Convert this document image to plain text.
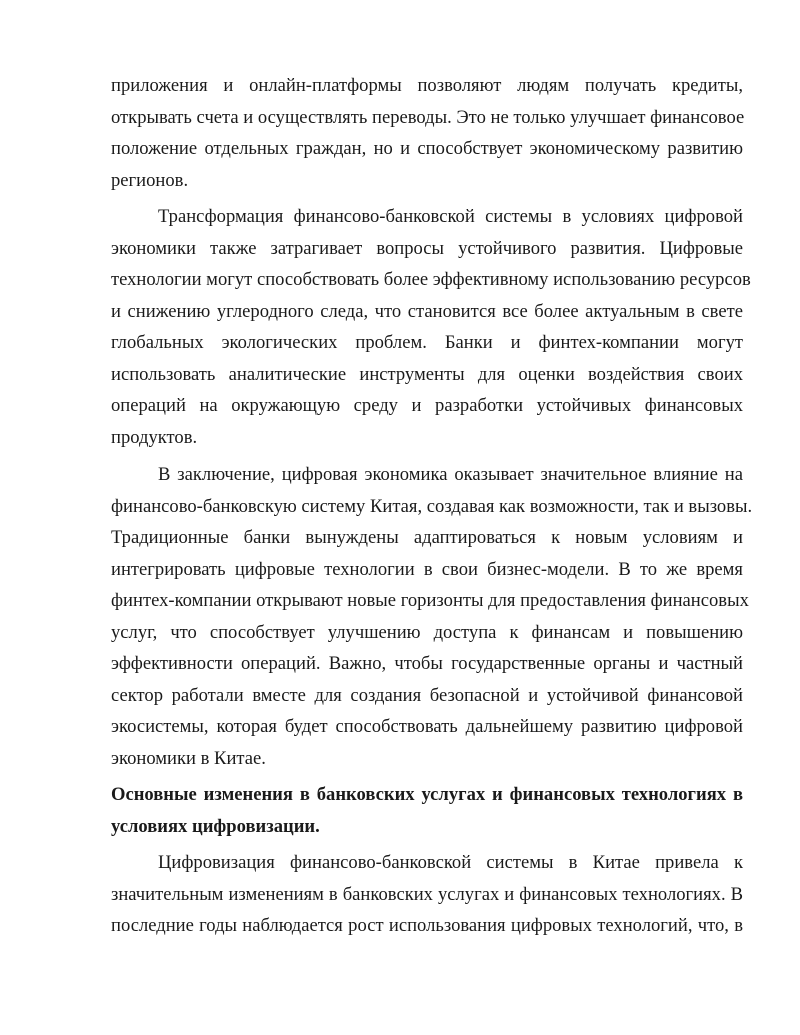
приложения и онлайн-платформы позволяют людям получать кредиты,
открывать счета и осуществлять переводы. Это не только улучшает финансовое
положение отдельных граждан, но и способствует экономическому развитию
регионов.
Трансформация финансово-банковской системы в условиях цифровой
экономики также затрагивает вопросы устойчивого развития. Цифровые
технологии могут способствовать более эффективному использованию ресурсов
и снижению углеродного следа, что становится все более актуальным в свете
глобальных экологических проблем. Банки и финтех-компании могут
использовать аналитические инструменты для оценки воздействия своих
операций на окружающую среду и разработки устойчивых финансовых
продуктов.
В заключение, цифровая экономика оказывает значительное влияние на
финансово-банковскую систему Китая, создавая как возможности, так и вызовы.
Традиционные банки вынуждены адаптироваться к новым условиям и
интегрировать цифровые технологии в свои бизнес-модели. В то же время
финтех-компании открывают новые горизонты для предоставления финансовых
услуг, что способствует улучшению доступа к финансам и повышению
эффективности операций. Важно, чтобы государственные органы и частный
сектор работали вместе для создания безопасной и устойчивой финансовой
экосистемы, которая будет способствовать дальнейшему развитию цифровой
экономики в Китае.
Основные изменения в банковских услугах и финансовых технологиях в
условиях цифровизации.
Цифровизация финансово-банковской системы в Китае привела к
значительным изменениям в банковских услугах и финансовых технологиях. В
последние годы наблюдается рост использования цифровых технологий, что, в
